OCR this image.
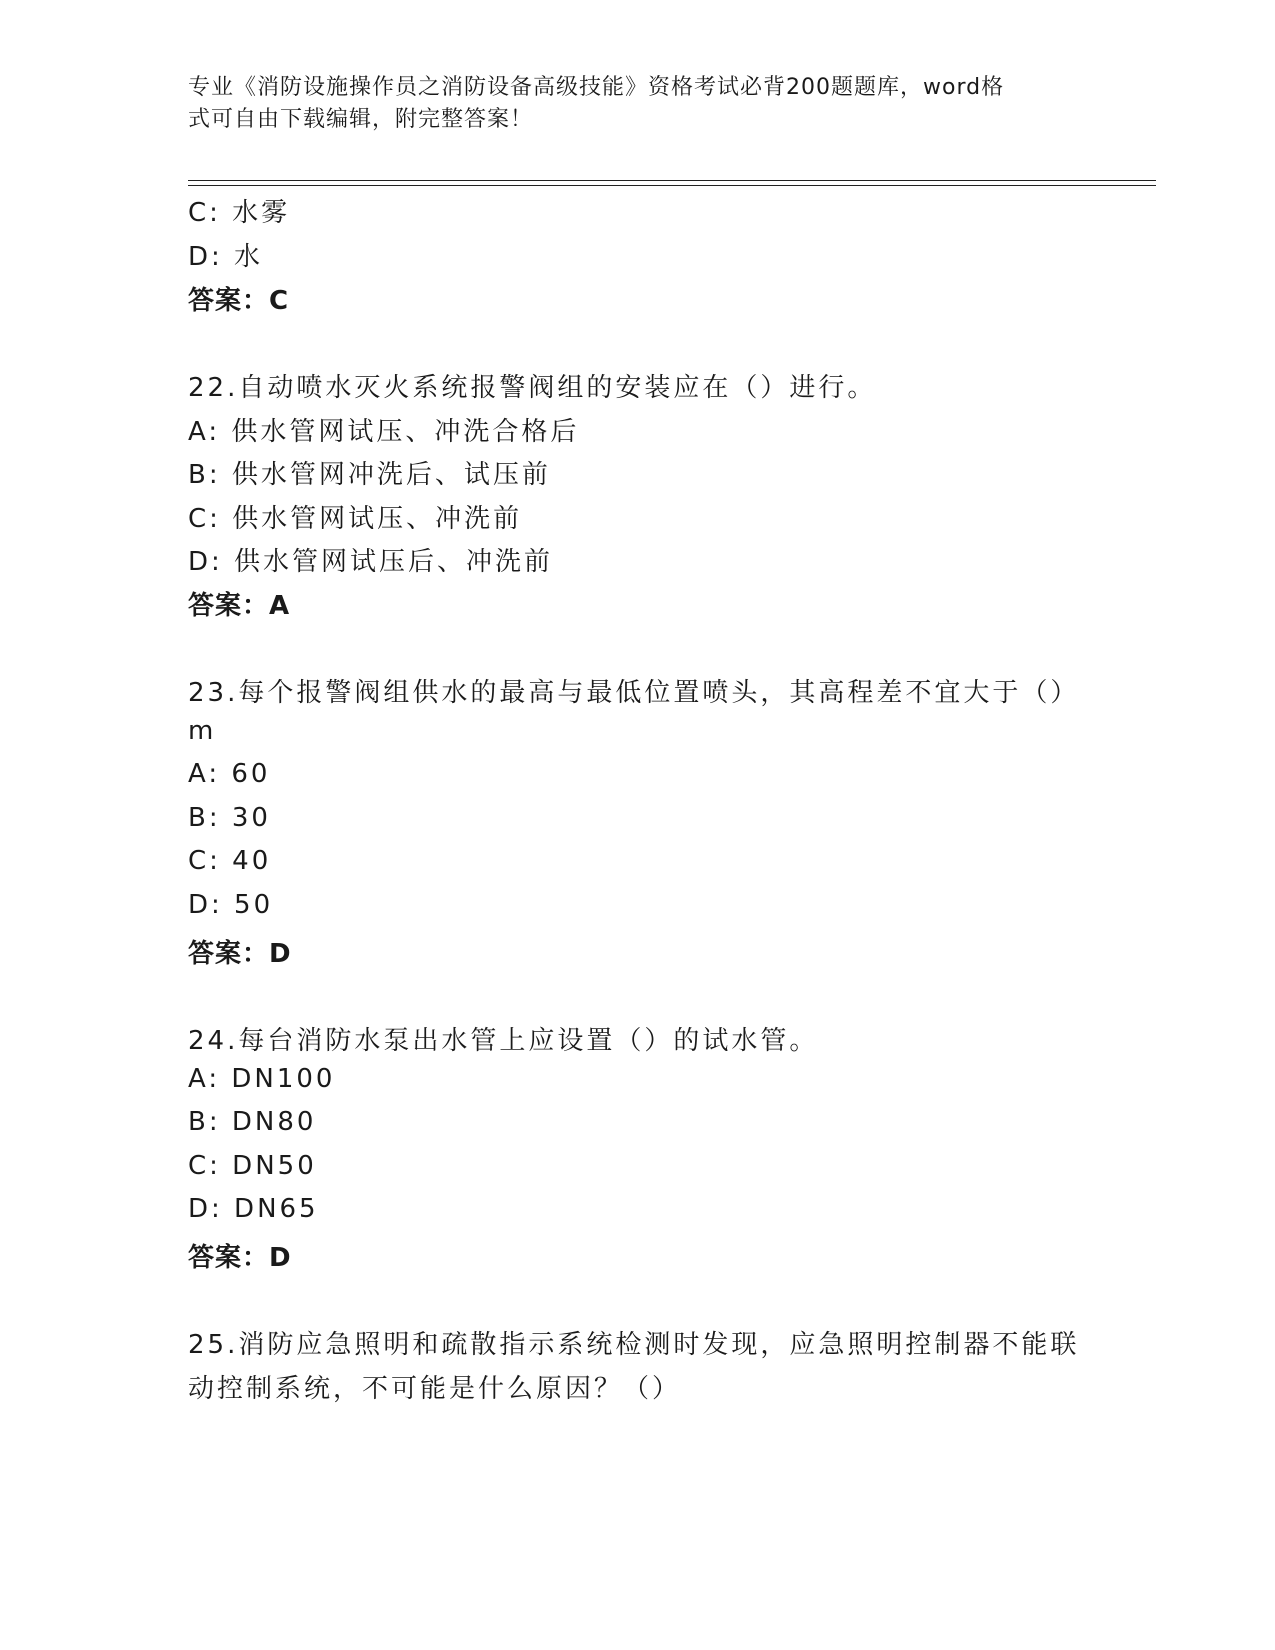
专业《消防设施操作员之消防设备高级技能》资格考试必背200题题库，word格
式可自由下载编辑，附完整答案！
C: 水雾
D: 水
答案：C
22.自动喷水灭火系统报警阀组的安装应在（）进行。
A: 供水管网试压、冲洗合格后
B: 供水管网冲洗后、试压前
C: 供水管网试压、冲洗前
D: 供水管网试压后、冲洗前
答案：A
23.每个报警阀组供水的最高与最低位置喷头，其高程差不宜大于（）
m
A: 60
B: 30
C: 40
D: 50
答案：D
24.每台消防水泵出水管上应设置（）的试水管。
A: DN100
B: DN80
C: DN50
D: DN65
答案：D
25.消防应急照明和疏散指示系统检测时发现，应急照明控制器不能联
动控制系统，不可能是什么原因？（）
